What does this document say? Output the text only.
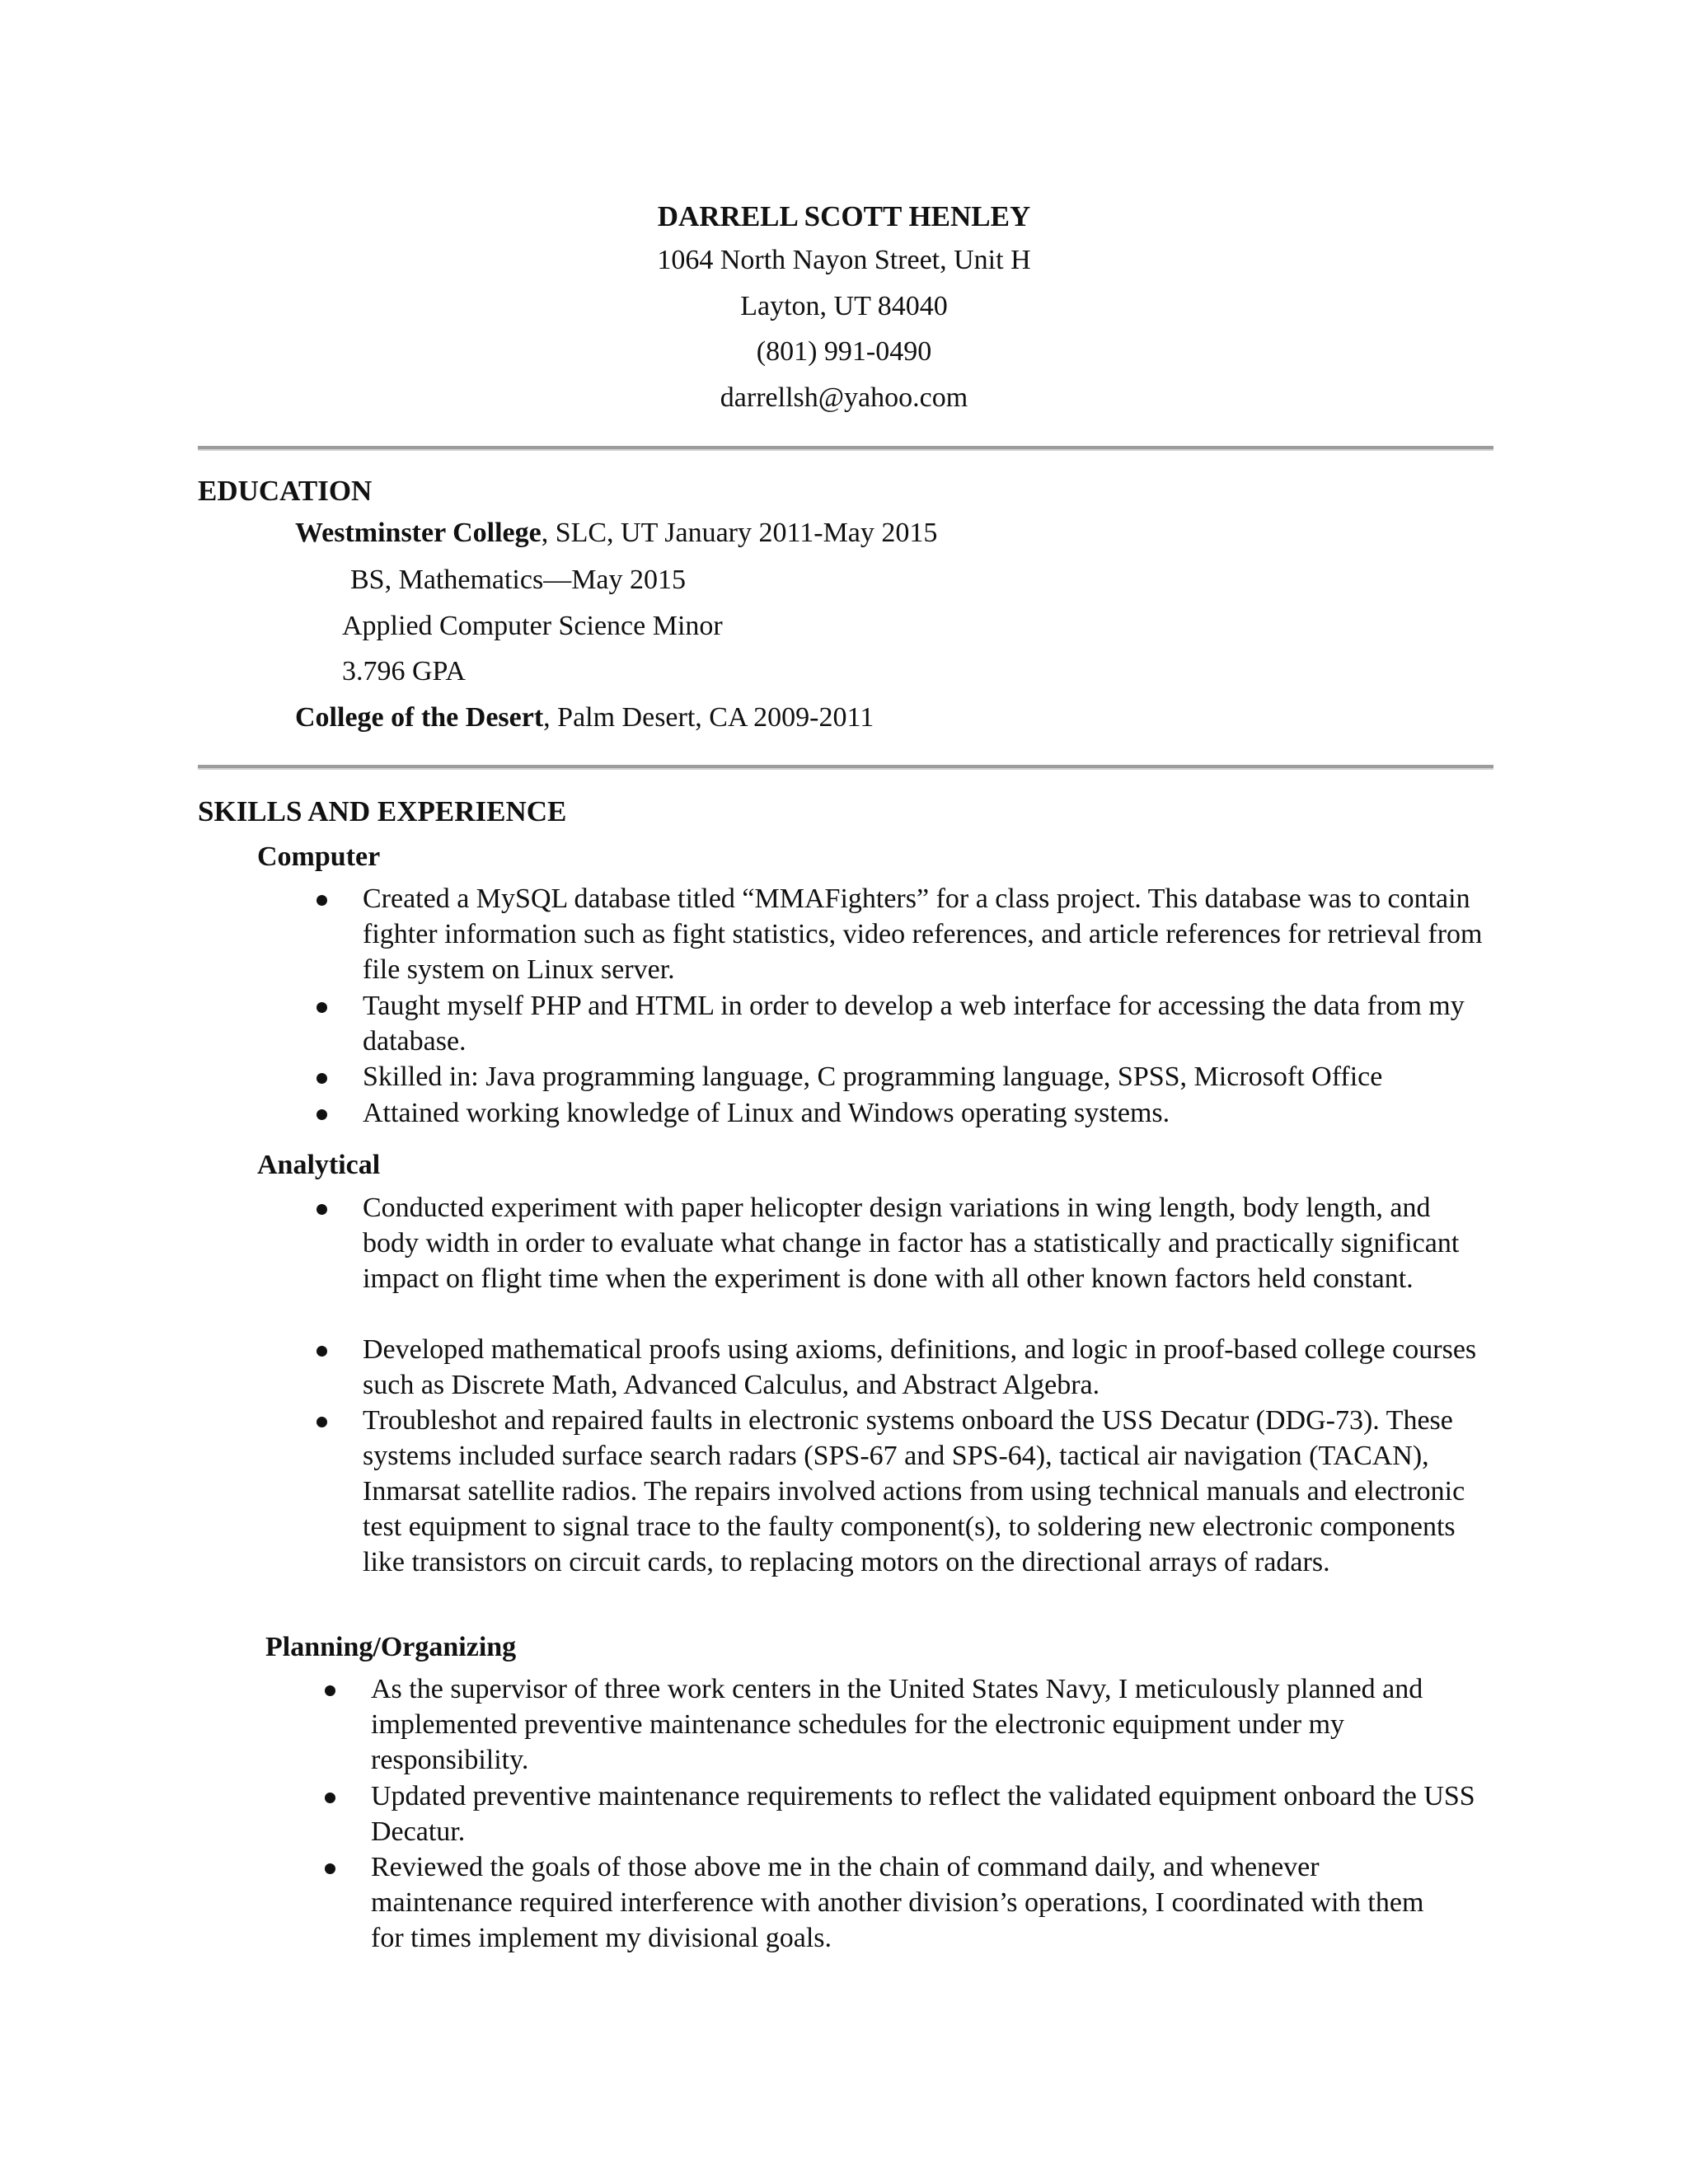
DARRELL SCOTT HENLEY
1064 North Nayon Street, Unit H
Layton, UT 84040
(801) 991-0490
darrellsh@yahoo.com
EDUCATION
Westminster College, SLC, UT January 2011-May 2015
BS, Mathematics—May 2015
Applied Computer Science Minor
3.796 GPA
College of the Desert, Palm Desert, CA 2009-2011
SKILLS AND EXPERIENCE
Computer
Created a MySQL database titled “MMAFighters” for a class project. This database was to contain fighter information such as fight statistics, video references, and article references for retrieval from file system on Linux server.
Taught myself PHP and HTML in order to develop a web interface for accessing the data from my database.
Skilled in: Java programming language, C programming language, SPSS, Microsoft Office
Attained working knowledge of Linux and Windows operating systems.
Analytical
Conducted experiment with paper helicopter design variations in wing length, body length, and body width in order to evaluate what change in factor has a statistically and practically significant impact on flight time when the experiment is done with all other known factors held constant.
Developed mathematical proofs using axioms, definitions, and logic in proof-based college courses such as Discrete Math, Advanced Calculus, and Abstract Algebra.
Troubleshot and repaired faults in electronic systems onboard the USS Decatur (DDG-73). These systems included surface search radars (SPS-67 and SPS-64), tactical air navigation (TACAN), Inmarsat satellite radios. The repairs involved actions from using technical manuals and electronic test equipment to signal trace to the faulty component(s), to soldering new electronic components like transistors on circuit cards, to replacing motors on the directional arrays of radars.
Planning/Organizing
As the supervisor of three work centers in the United States Navy, I meticulously planned and implemented preventive maintenance schedules for the electronic equipment under my responsibility.
Updated preventive maintenance requirements to reflect the validated equipment onboard the USS Decatur.
Reviewed the goals of those above me in the chain of command daily, and whenever maintenance required interference with another division’s operations, I coordinated with them for times implement my divisional goals.
